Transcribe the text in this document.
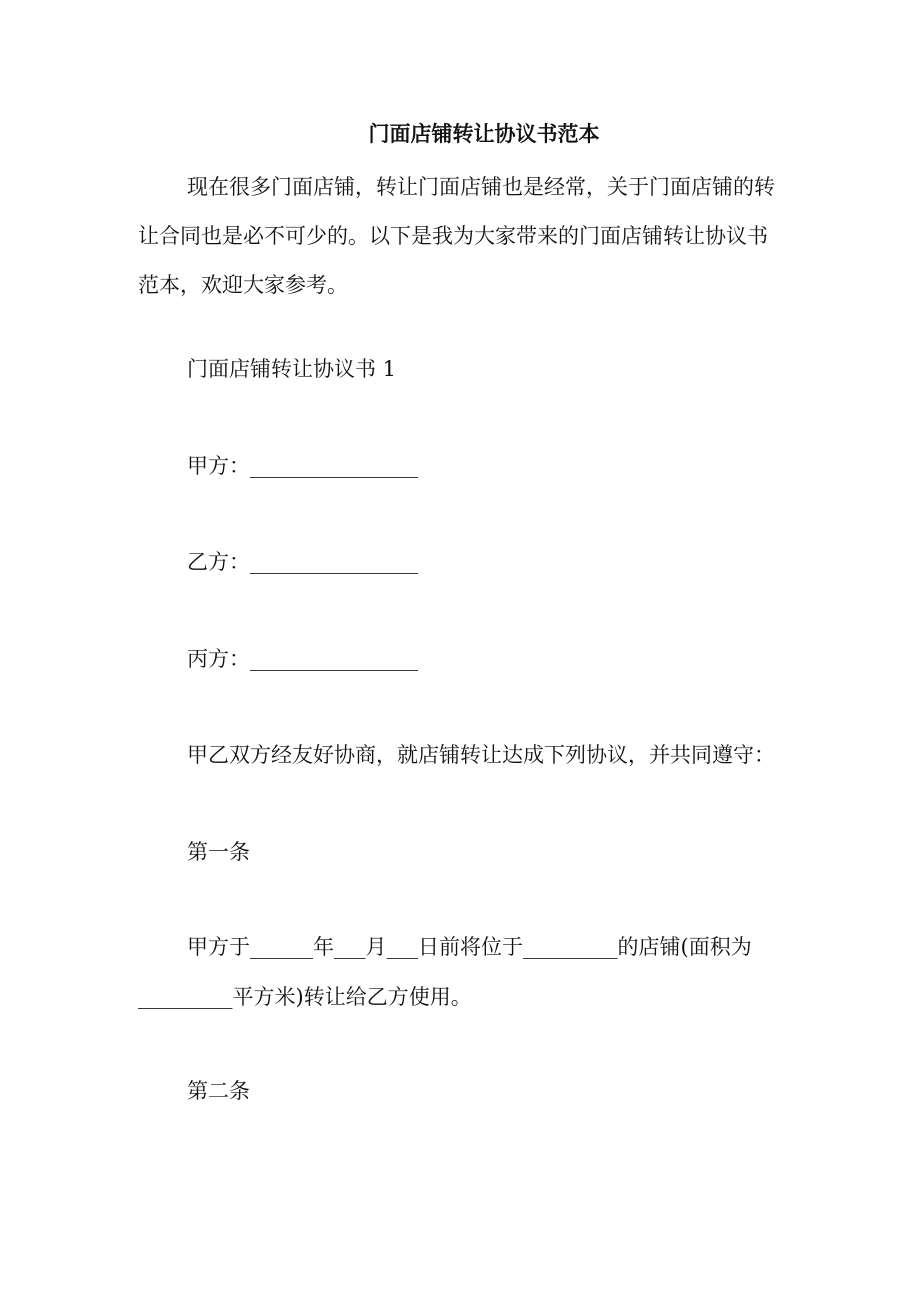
门面店铺转让协议书范本
现在很多门面店铺，转让门面店铺也是经常，关于门面店铺的转
让合同也是必不可少的。以下是我为大家带来的门面店铺转让协议书
范本，欢迎大家参考。
门面店铺转让协议书 1
甲方：________________
乙方：________________
丙方：________________
甲乙双方经友好协商，就店铺转让达成下列协议，并共同遵守：
第一条
甲方于______年___月___日前将位于_________的店铺(面积为
_________平方米)转让给乙方使用。
第二条
